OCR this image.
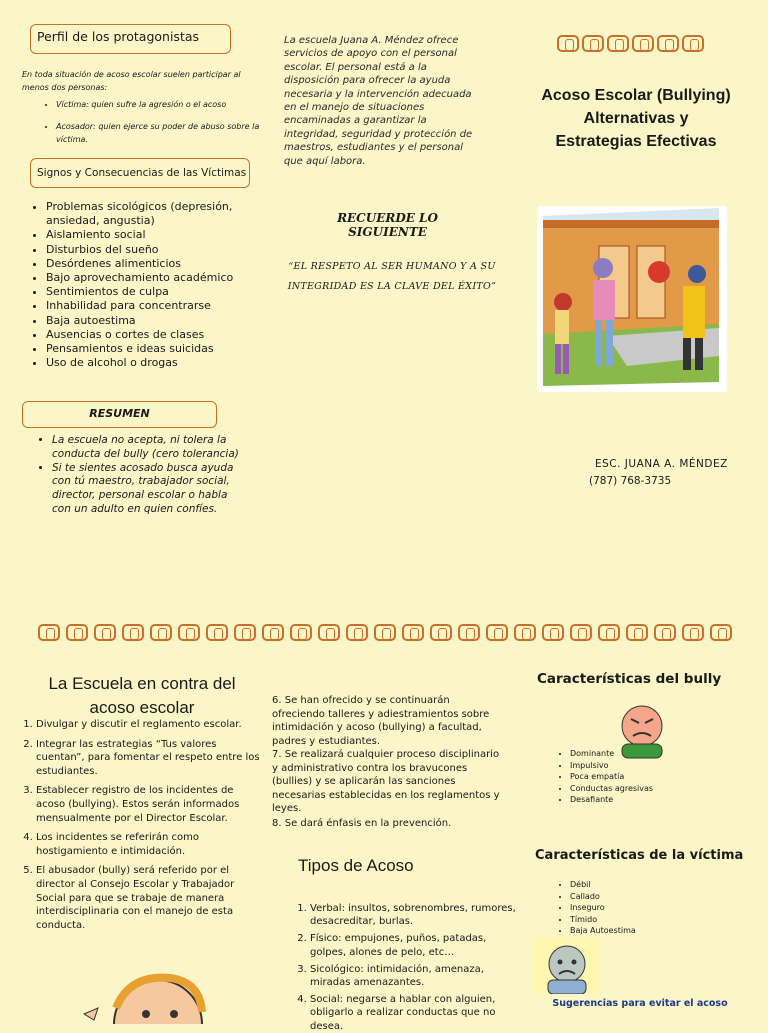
Perfil de los protagonistas
En toda situación de acoso escolar suelen participar al menos dos personas:
• Víctima: quien sufre la agresión o el acoso
• Acosador: quien ejerce su poder de abuso sobre la víctima.
Signos y Consecuencias de las Víctimas
• Problemas sicológicos (depresión, ansiedad, angustia)
• Aislamiento social
• Disturbios del sueño
• Desórdenes alimenticios
• Bajo aprovechamiento académico
• Sentimientos de culpa
• Inhabilidad para concentrarse
• Baja autoestima
• Ausencias o cortes de clases
• Pensamientos e ideas suicidas
• Uso de alcohol o drogas
RESUMEN
• La escuela no acepta, ni tolera la conducta del bully (cero tolerancia)
• Si te sientes acosado busca ayuda con tú maestro, trabajador social, director, personal escolar o habla con un adulto en quien confíes.
La escuela Juana A. Méndez ofrece servicios de apoyo con el personal escolar. El personal está a la disposición para ofrecer la ayuda necesaria y la intervención adecuada en el manejo de situaciones encaminadas a garantizar la integridad, seguridad y protección de maestros, estudiantes y el personal que aquí labora.
RECUERDE LO SIGUIENTE
“EL RESPETO AL SER HUMANO Y A SU INTEGRIDAD ES LA CLAVE DEL ÉXITO”
Acoso Escolar (Bullying) Alternativas y Estrategias Efectivas
ESC. JUANA A. MÉNDEZ
(787) 768-3735
La Escuela en contra del acoso escolar
1. Divulgar y discutir el reglamento escolar.
2. Integrar las estrategias “Tus valores cuentan”, para fomentar el respeto entre los estudiantes.
3. Establecer registro de los incidentes de acoso (bullying). Estos serán informados mensualmente por el Director Escolar.
4. Los incidentes se referirán como hostigamiento e intimidación.
5. El abusador (bully) será referido por el director al Consejo Escolar y Trabajador Social para que se trabaje de manera interdisciplinaria con el manejo de esta conducta.
6. Se han ofrecido y se continuarán ofreciendo talleres y adiestramientos sobre intimidación y acoso (bullying) a facultad, padres y estudiantes.
7. Se realizará cualquier proceso disciplinario y administrativo contra los bravucones (bullies) y se aplicarán las sanciones necesarias establecidas en los reglamentos y leyes.
8. Se dará énfasis en la prevención.
Tipos de Acoso
1. Verbal: insultos, sobrenombres, rumores, desacreditar, burlas.
2. Físico: empujones, puños, patadas, golpes, alones de pelo, etc…
3. Sicológico: intimidación, amenaza, miradas amenazantes.
4. Social: negarse a hablar con alguien, obligarlo a realizar conductas que no desea.
Características del bully
• Dominante
• Impulsivo
• Poca empatía
• Conductas agresivas
• Desafiante
Características de la víctima
• Débil
• Callado
• Inseguro
• Tímido
• Baja Autoestima
Sugerencias para evitar el acoso
